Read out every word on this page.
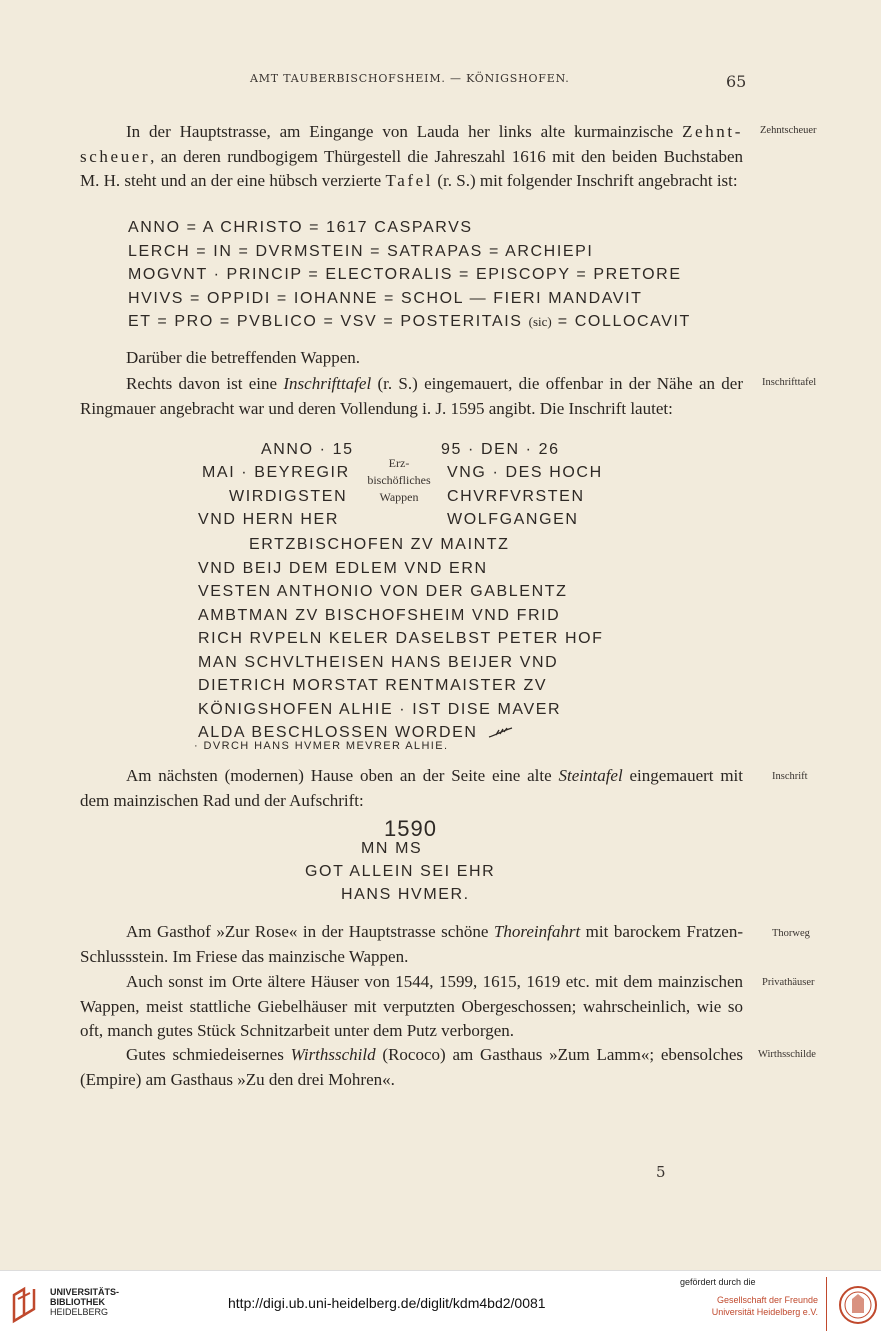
AMT TAUBERBISCHOFSHEIM. — KÖNIGSHOFEN.	65
In der Hauptstrasse, am Eingange von Lauda her links alte kurmainzische Zehnt- scheuer, an deren rundbogigem Thürgestell die Jahreszahl 1616 mit den beiden Buchstaben M. H. steht und an der eine hübsch verzierte Tafel (r. S.) mit folgender Inschrift angebracht ist:
Zehntscheuer
ANNO = A CHRISTO = 1617 CASPARVS
LERCH = IN = DVRMSTEIN = SATRAPAS = ARCHIEPI
MOGVNT · PRINCIP = ELECTORALIS = EPISCOPY = PRETORE
HVIVS = OPPIDI = IOHANNE = SCHOL — FIERI MANDAVIT
ET = PRO = PVBLICO = VSV = POSTERITAIS (sic) = COLLOCAVIT
Darüber die betreffenden Wappen.
Rechts davon ist eine Inschrifttafel (r. S.) eingemauert, die offenbar in der Nähe an der Ringmauer angebracht war und deren Vollendung i. J. 1595 angibt. Die Inschrift lautet:
Inschrifttafel
ANNO · 15
MAI · BEYREGIR
WIRDIGSTEN
VND HERN HER
95 · DEN · 26
VNG · DES HOCH
CHVRFVRSTEN
WOLFGANGEN
Erz-
bischöfliches
Wappen
ERTZBISCHOFEN ZV MAINTZ
VND BEIJ DEM EDLEM VND ERN
VESTEN ANTHONIO VON DER GABLENTZ
AMBTMAN ZV BISCHOFSHEIM VND FRID
RICH RVPELN KELER DASELBST PETER HOF
MAN SCHVLTHEISEN HANS BEIJER VND
DIETRICH MORSTAT RENTMAISTER ZV
KÖNIGSHOFEN ALHIE · IST DISE MAVER
ALDA BESCHLOSSEN WORDEN
· DVRCH HANS HVMER MEVRER ALHIE.
Am nächsten (modernen) Hause oben an der Seite eine alte Steintafel eingemauert mit dem mainzischen Rad und der Aufschrift:
Inschrift
1590
MN MS
GOT ALLEIN SEI EHR
HANS HVMER.
Am Gasthof »Zur Rose« in der Hauptstrasse schöne Thoreinfahrt mit barockem Fratzen-Schlussstein. Im Friese das mainzische Wappen.
Thorweg
Auch sonst im Orte ältere Häuser von 1544, 1599, 1615, 1619 etc. mit dem mainzischen Wappen, meist stattliche Giebelhäuser mit verputzten Obergeschossen; wahrscheinlich, wie so oft, manch gutes Stück Schnitzarbeit unter dem Putz verborgen.
Privathäuser
Gutes schmiedeisernes Wirthsschild (Rococo) am Gasthaus »Zum Lamm«; ebensolches (Empire) am Gasthaus »Zu den drei Mohren«.
Wirthsschilde
5
UNIVERSITÄTS-
BIBLIOTHEK
HEIDELBERG
http://digi.ub.uni-heidelberg.de/diglit/kdm4bd2/0081
gefördert durch die
Gesellschaft der Freunde
Universität Heidelberg e.V.
